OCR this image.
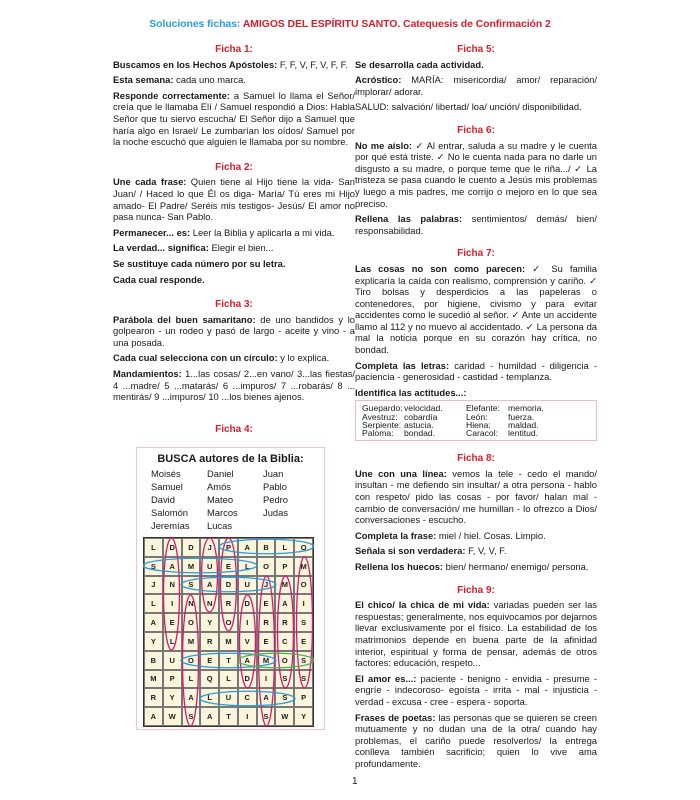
Soluciones fichas: AMIGOS DEL ESPÍRITU SANTO. Catequesis de Confirmación 2
Ficha 1:
Buscamos en los Hechos Apóstoles: F, F, V, F, V, F, F.
Esta semana: cada uno marca.
Responde correctamente: a Samuel lo llama el Señor/ creía que le llamaba Elí / Samuel respondió a Dios: Habla Señor que tu siervo escucha/ El Señor dijo a Samuel que haría algo en Israel/ Le zumbarían los oídos/ Samuel por la noche escuchó que alguien le llamaba por su nombre.
Ficha 2:
Une cada frase: Quien tiene al Hijo tiene la vida- San Juan/ / Haced lo que Él os diga- María/ Tú eres mi Hijo amado- El Padre/ Seréis mis testigos- Jesús/ El amor no pasa nunca- San Pablo.
Permanecer... es: Leer la Biblia y aplicarla a mi vida.
La verdad... significa: Elegir el bien...
Se sustituye cada número por su letra.
Cada cual responde.
Ficha 3:
Parábola del buen samaritano: de uno bandidos y lo golpearon - un rodeo y pasó de largo - aceite y vino - a una posada.
Cada cual selecciona con un círculo: y lo explica.
Mandamientos: 1...las cosas/ 2...en vano/ 3...las fiestas/ 4 ...madre/ 5 ...matarás/ 6 ...impuros/ 7 ...robarás/ 8 ... mentirás/ 9 ...impuros/ 10 ...los bienes ajenos.
Ficha 4:
BUSCA autores de la Biblia:
Moisés	Daniel	Juan
Samuel	Amós	Pablo
David	Mateo	Pedro
Salomón	Marcos	Judas
Jeremías	Lucas
L	D	D	J	P	A	B	L	O
S	A	M	U	E	L	O	P	M
J	N	S	A	D	U	J	M	O
L	I	N	N	R	D	E	A	I
A	E	O	Y	O	I	R	R	S
Y	L	M	R	M	V	E	C	E
B	U	O	E	T	A	M	O	S
M	P	L	Q	L	D	I	S	S
R	Y	A	L	U	C	A	S	P
A	W	S	A	T	I	S	W	Y
Ficha 5:
Se desarrolla cada actividad.
Acróstico: MARÍA: misericordia/ amor/ reparación/ implorar/ adorar.
SALUD: salvación/ libertad/ loa/ unción/ disponibilidad.
Ficha 6:
No me aíslo: ✓ Al entrar, saluda a su madre y le cuenta por qué está triste. ✓ No le cuenta nada para no darle un disgusto a su madre, o porque teme que le riña.../ ✓ La tristeza se pasa cuando le cuento a Jesús mis problemas y luego a mis padres, me corrijo o mejoro en lo que sea preciso.
Rellena las palabras: sentimientos/ demás/ bien/ responsabilidad.
Ficha 7:
Las cosas no son como parecen: ✓ Su familia explicaría la caída con realismo, comprensión y cariño. ✓ Tiro bolsas y desperdicios a las papeleras o contenedores, por higiene, civismo y para evitar accidentes como le sucedió al señor. ✓ Ante un accidente llamo al 112 y no muevo al accidentado. ✓ La persona da mal la noticia porque en su corazón hay crítica, no bondad.
Completa las letras: caridad - humildad - diligencia - paciencia - generosidad - castidad - templanza.
Identifica las actitudes...:
Guepardo: velocidad.	Elefante: memoria.
Avestruz: cobardía	León:	fuerza.
Serpiente: astucia.	Hiena:	maldad.
Paloma:	bondad.	Caracol:	lentitud.
Ficha 8:
Une con una línea: vemos la tele - cedo el mando/ insultan - me defiendo sin insultar/ a otra persona - hablo con respeto/ pido las cosas - por favor/ halan mal - cambio de conversación/ me humillan - lo ofrezco a Dios/ conversaciones - escucho.
Completa la frase: miel / hiel. Cosas. Limpio.
Señala si son verdadera: F, V, V, F.
Rellena los huecos: bien/ hermano/ enemigo/ persona.
Ficha 9:
El chico/ la chica de mi vida: variadas pueden ser las respuestas; generalmente, nos equivocamos por dejarnos llevar exclusivamente por el físico. La estabilidad de los matrimonios depende en buena parte de la afinidad interior, espiritual y forma de pensar, además de otros factores: educación, respeto...
El amor es...: paciente - benigno - envidia - presume - engríe - indecoroso- egoísta - irrita - mal - injusticia - verdad - excusa - cree - espera - soporta.
Frases de poetas: las personas que se quieren se creen mutuamente y no dudan una de la otra/ cuando hay problemas, el cariño puede resolverlos/ la entrega conlleva también sacrificio; quien lo vive ama profundamente.
1
